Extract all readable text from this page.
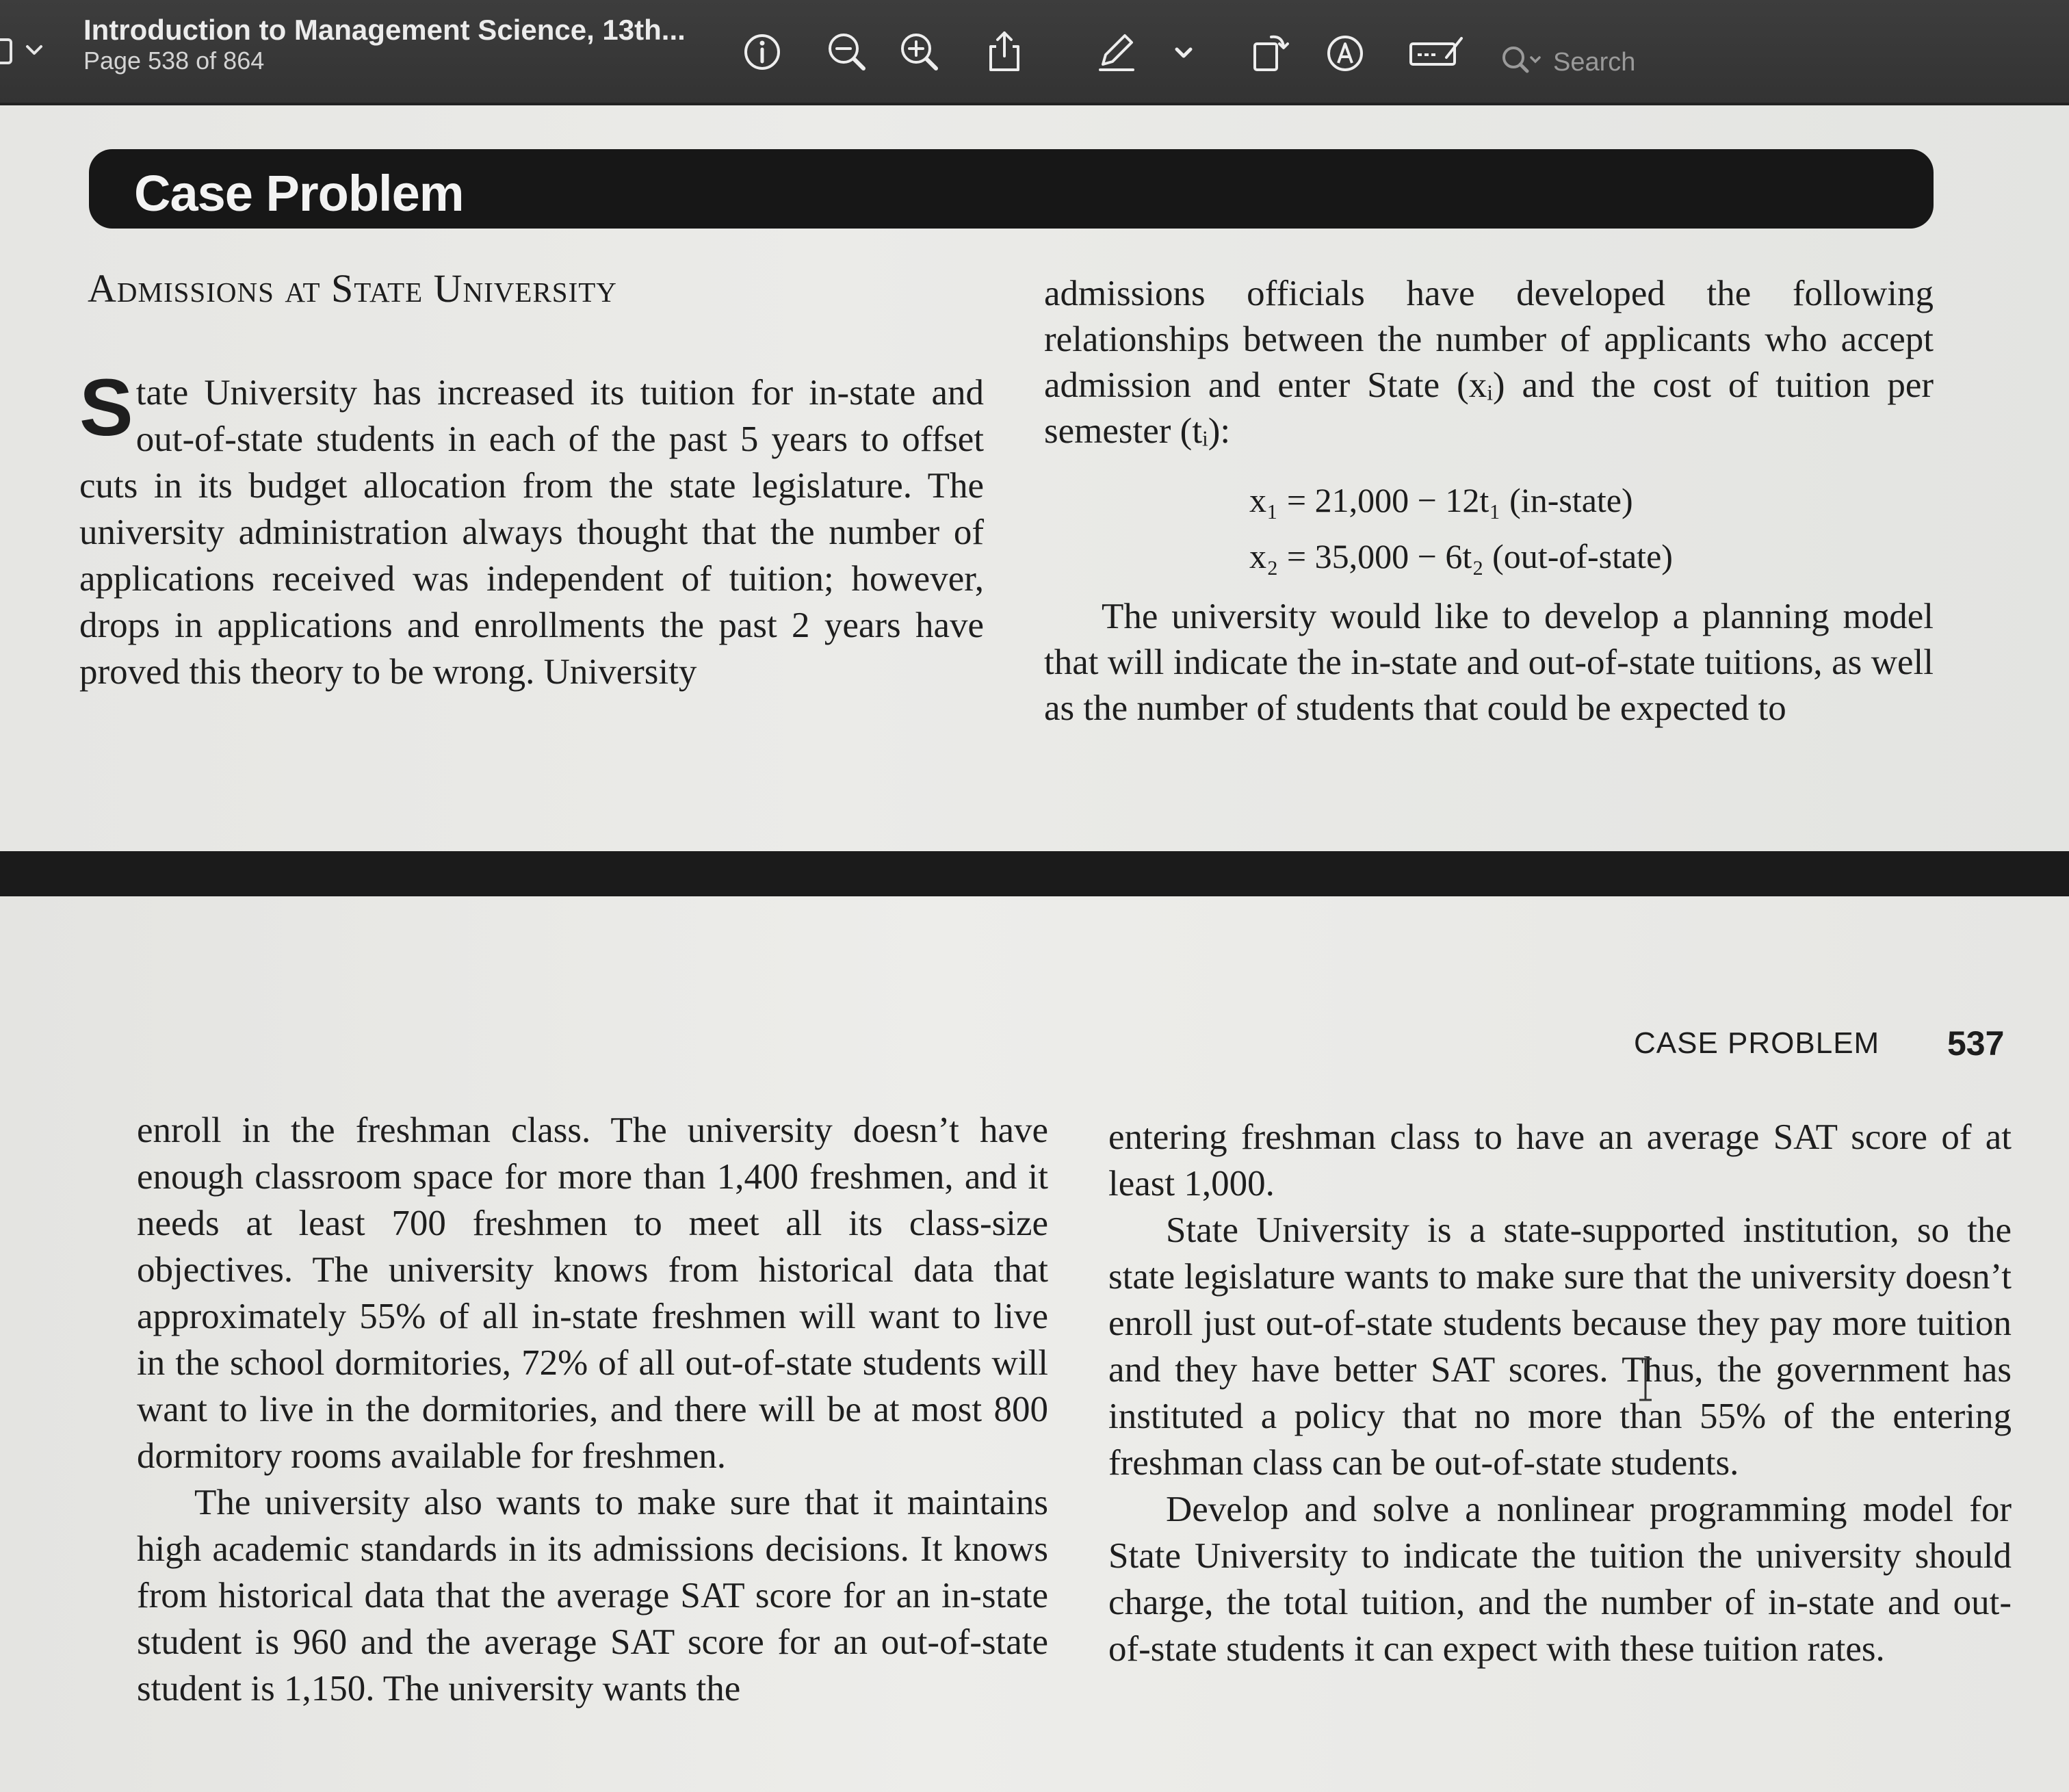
Introduction to Management Science, 13th...
Page 538 of 864
Search
Case Problem
Admissions at State University

State University has increased its tuition for in-state and out-of-state students in each of the past 5 years to offset cuts in its budget allocation from the state legislature. The university administration always thought that the number of applications received was independent of tuition; however, drops in applications and enrollments the past 2 years have proved this theory to be wrong. University

admissions officials have developed the following relationships between the number of applicants who accept admission and enter State (xᵢ) and the cost of tuition per semester (tᵢ):

x₁ = 21,000 − 12t₁ (in-state)
x₂ = 35,000 − 6t₂ (out-of-state)

The university would like to develop a planning model that will indicate the in-state and out-of-state tuitions, as well as the number of students that could be expected to

CASE PROBLEM 537

enroll in the freshman class. The university doesn’t have enough classroom space for more than 1,400 freshmen, and it needs at least 700 freshmen to meet all its class-size objectives. The university knows from historical data that approximately 55% of all in-state freshmen will want to live in the school dormitories, 72% of all out-of-state students will want to live in the dormitories, and there will be at most 800 dormitory rooms available for freshmen.

The university also wants to make sure that it maintains high academic standards in its admissions decisions. It knows from historical data that the average SAT score for an in-state student is 960 and the average SAT score for an out-of-state student is 1,150. The university wants the

entering freshman class to have an average SAT score of at least 1,000.

State University is a state-supported institution, so the state legislature wants to make sure that the university doesn’t enroll just out-of-state students because they pay more tuition and they have better SAT scores. Thus, the government has instituted a policy that no more than 55% of the entering freshman class can be out-of-state students.

Develop and solve a nonlinear programming model for State University to indicate the tuition the university should charge, the total tuition, and the number of in-state and out-of-state students it can expect with these tuition rates.
